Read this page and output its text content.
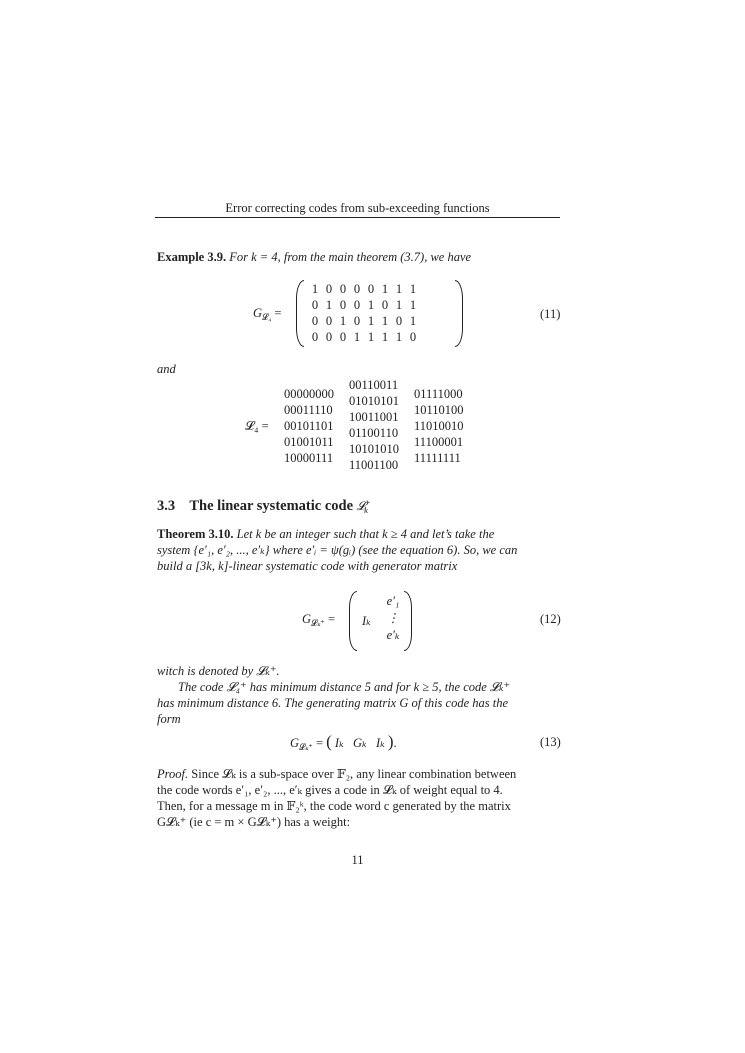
Error correcting codes from sub-exceeding functions
Example 3.9. For k = 4, from the main theorem (3.7), we have
$G_{𝓛_4}$ =
1 0 0 0 0 1 1 1
0 1 0 0 1 0 1 1
0 0 1 0 1 1 0 1
0 0 0 1 1 1 1 0
(11)
and
𝓛₄ =
00000000
00011110
00101101
01001011
10000111
00110011
01010101
10011001
01100110
10101010
11001100
01111000
10110100
11010010
11100001
11111111
3.3 The linear systematic code 𝓛+$_k$
Theorem 3.10. Let k be an integer such that k ≥ 4 and let’s take the
system {e′₁, e′₂, ..., e′ₖ} where e′ᵢ = ψ(gᵢ) (see the equation 6). So, we can
build a [3k, k]-linear systematic code with generator matrix
$G_{𝓛_k^+} = I_k$
e′₁
⋮
e′ₖ
(12)
witch is denoted by 𝓛ₖ⁺.
The code 𝓛₄⁺ has minimum distance 5 and for k ≥ 5, the code 𝓛ₖ⁺
has minimum distance 6. The generating matrix G of this code has the
form
$G_{𝓛_k^+}$ = ( Iₖ Gₖ Iₖ ).	(13)
Proof. Since 𝓛ₖ is a sub-space over 𝔽₂, any linear combination between
the code words e′₁, e′₂, ..., e′ₖ gives a code in 𝓛ₖ of weight equal to 4.
Then, for a message m in 𝔽₂ᵏ, the code word c generated by the matrix
G𝓛ₖ⁺ (ie c = m × G𝓛ₖ⁺) has a weight:
11
